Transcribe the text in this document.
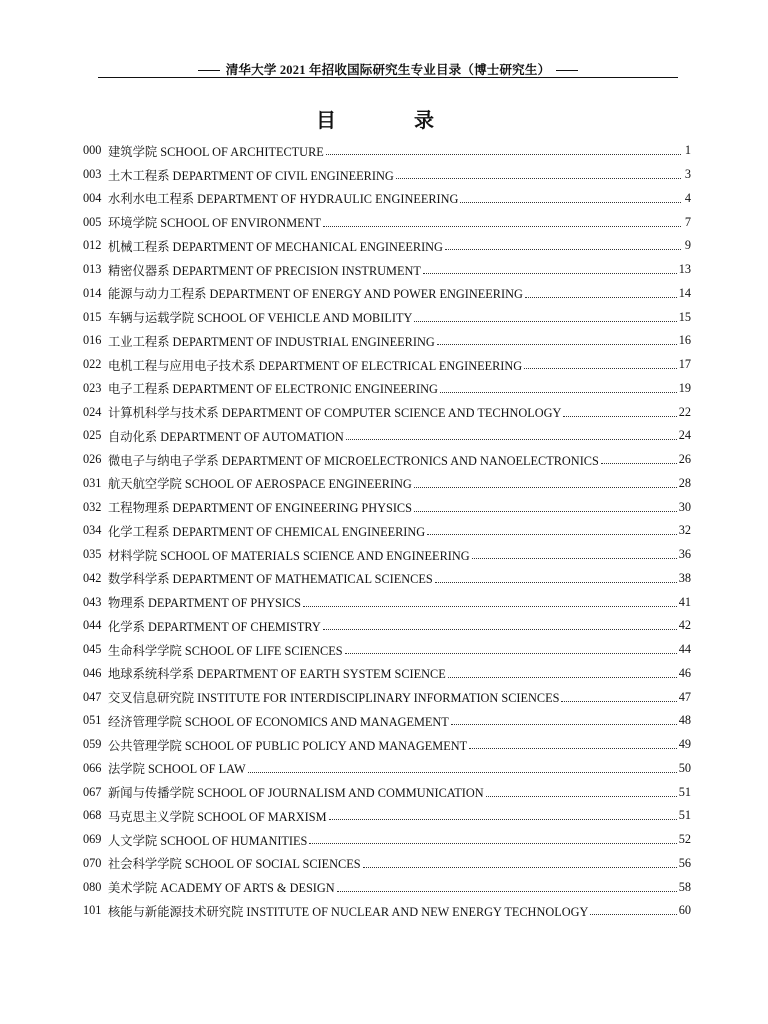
清华大学 2021 年招收国际研究生专业目录（博士研究生）
目录
000 建筑学院 SCHOOL OF ARCHITECTURE	1
003 土木工程系 DEPARTMENT OF CIVIL ENGINEERING	3
004 水利水电工程系 DEPARTMENT OF HYDRAULIC ENGINEERING	4
005 环境学院 SCHOOL OF ENVIRONMENT	7
012 机械工程系 DEPARTMENT OF MECHANICAL ENGINEERING	9
013 精密仪器系 DEPARTMENT OF PRECISION INSTRUMENT	13
014 能源与动力工程系 DEPARTMENT OF ENERGY AND POWER ENGINEERING	14
015 车辆与运载学院 SCHOOL OF VEHICLE AND MOBILITY	15
016 工业工程系 DEPARTMENT OF INDUSTRIAL ENGINEERING	16
022 电机工程与应用电子技术系 DEPARTMENT OF ELECTRICAL ENGINEERING	17
023 电子工程系 DEPARTMENT OF ELECTRONIC ENGINEERING	19
024 计算机科学与技术系 DEPARTMENT OF COMPUTER SCIENCE AND TECHNOLOGY	22
025 自动化系 DEPARTMENT OF AUTOMATION	24
026 微电子与纳电子学系 DEPARTMENT OF MICROELECTRONICS AND NANOELECTRONICS	26
031 航天航空学院 SCHOOL OF AEROSPACE ENGINEERING	28
032 工程物理系 DEPARTMENT OF ENGINEERING PHYSICS	30
034 化学工程系 DEPARTMENT OF CHEMICAL ENGINEERING	32
035 材料学院 SCHOOL OF MATERIALS SCIENCE AND ENGINEERING	36
042 数学科学系 DEPARTMENT OF MATHEMATICAL SCIENCES	38
043 物理系 DEPARTMENT OF PHYSICS	41
044 化学系 DEPARTMENT OF CHEMISTRY	42
045 生命科学学院 SCHOOL OF LIFE SCIENCES	44
046 地球系统科学系 DEPARTMENT OF EARTH SYSTEM SCIENCE	46
047 交叉信息研究院 INSTITUTE FOR INTERDISCIPLINARY INFORMATION SCIENCES	47
051 经济管理学院 SCHOOL OF ECONOMICS AND MANAGEMENT	48
059 公共管理学院 SCHOOL OF PUBLIC POLICY AND MANAGEMENT	49
066 法学院 SCHOOL OF LAW	50
067 新闻与传播学院 SCHOOL OF JOURNALISM AND COMMUNICATION	51
068 马克思主义学院 SCHOOL OF MARXISM	51
069 人文学院 SCHOOL OF HUMANITIES	52
070 社会科学学院 SCHOOL OF SOCIAL SCIENCES	56
080 美术学院 ACADEMY OF ARTS & DESIGN	58
101 核能与新能源技术研究院 INSTITUTE OF NUCLEAR AND NEW ENERGY TECHNOLOGY	60
